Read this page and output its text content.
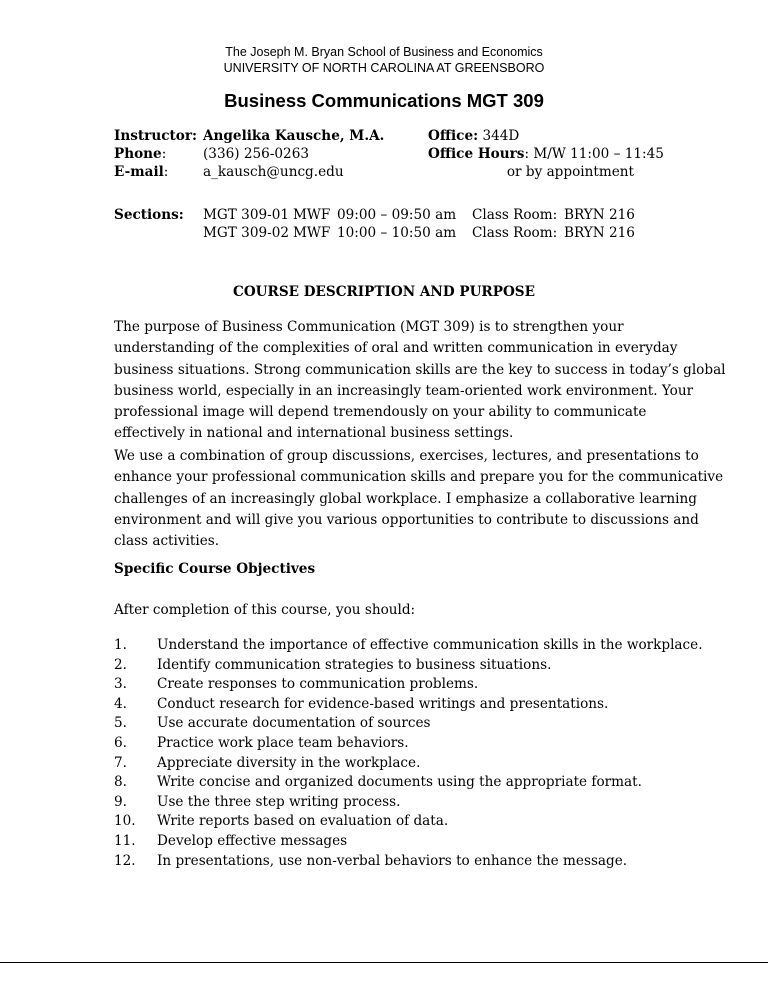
The Joseph M. Bryan School of Business and Economics
UNIVERSITY OF NORTH CAROLINA AT GREENSBORO
Business Communications MGT 309
Instructor: Angelika Kausche, M.A.
Phone:	(336) 256-0263
E-mail:	a_kausch@uncg.edu
Office: 344D
Office Hours: M/W 11:00 – 11:45
or by appointment
Sections: MGT 309-01 MWF 09:00 – 09:50 am Class Room: BRYN 216
MGT 309-02 MWF 10:00 – 10:50 am Class Room: BRYN 216
COURSE DESCRIPTION AND PURPOSE
The purpose of Business Communication (MGT 309) is to strengthen your
understanding of the complexities of oral and written communication in everyday
business situations. Strong communication skills are the key to success in today’s global
business world, especially in an increasingly team-oriented work environment. Your
professional image will depend tremendously on your ability to communicate
effectively in national and international business settings.
We use a combination of group discussions, exercises, lectures, and presentations to
enhance your professional communication skills and prepare you for the communicative
challenges of an increasingly global workplace. I emphasize a collaborative learning
environment and will give you various opportunities to contribute to discussions and
class activities.
Specific Course Objectives
After completion of this course, you should:
1. Understand the importance of effective communication skills in the workplace.
2. Identify communication strategies to business situations.
3. Create responses to communication problems.
4. Conduct research for evidence-based writings and presentations.
5. Use accurate documentation of sources
6. Practice work place team behaviors.
7. Appreciate diversity in the workplace.
8. Write concise and organized documents using the appropriate format.
9. Use the three step writing process.
10. Write reports based on evaluation of data.
11. Develop effective messages
12. In presentations, use non-verbal behaviors to enhance the message.
